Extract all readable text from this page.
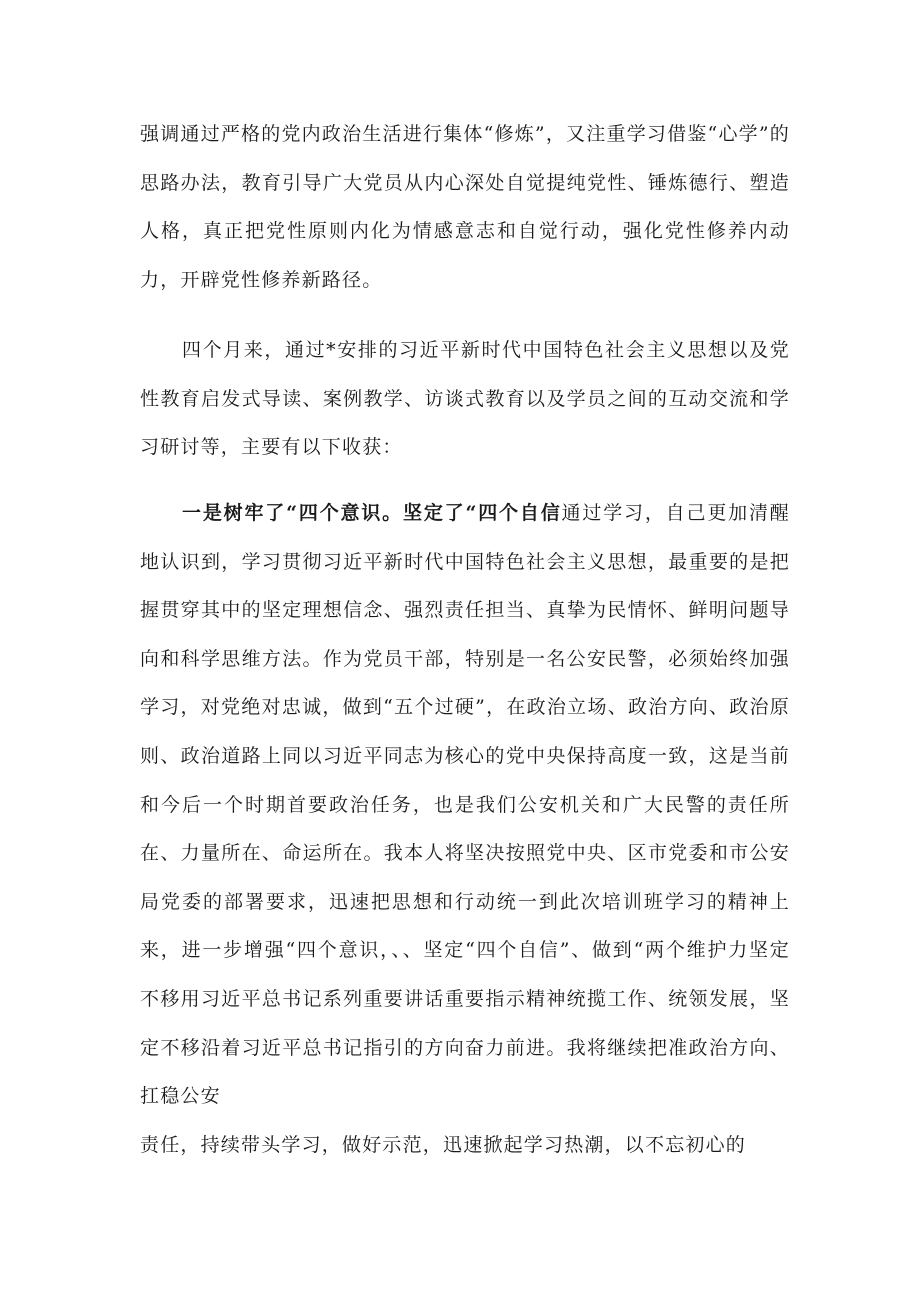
强调通过严格的党内政治生活进行集体“修炼”，又注重学习借鉴“心学”的思路办法，教育引导广大党员从内心深处自觉提纯党性、锤炼德行、塑造人格，真正把党性原则内化为情感意志和自觉行动，强化党性修养内动力，开辟党性修养新路径。

四个月来，通过*安排的习近平新时代中国特色社会主义思想以及党性教育启发式导读、案例教学、访谈式教育以及学员之间的互动交流和学习研讨等，主要有以下收获：

一是树牢了“四个意识。坚定了“四个自信通过学习，自己更加清醒地认识到，学习贯彻习近平新时代中国特色社会主义思想，最重要的是把握贯穿其中的坚定理想信念、强烈责任担当、真挚为民情怀、鲜明问题导向和科学思维方法。作为党员干部，特别是一名公安民警，必须始终加强学习，对党绝对忠诚，做到“五个过硬”，在政治立场、政治方向、政治原则、政治道路上同以习近平同志为核心的党中央保持高度一致，这是当前和今后一个时期首要政治任务，也是我们公安机关和广大民警的责任所在、力量所在、命运所在。我本人将坚决按照党中央、区市党委和市公安局党委的部署要求，迅速把思想和行动统一到此次培训班学习的精神上来，进一步增强“四个意识，、、坚定“四个自信”、做到“两个维护力坚定不移用习近平总书记系列重要讲话重要指示精神统揽工作、统领发展，坚定不移沿着习近平总书记指引的方向奋力前进。我将继续把准政治方向、扛稳公安

责任，持续带头学习，做好示范，迅速掀起学习热潮，以不忘初心的
